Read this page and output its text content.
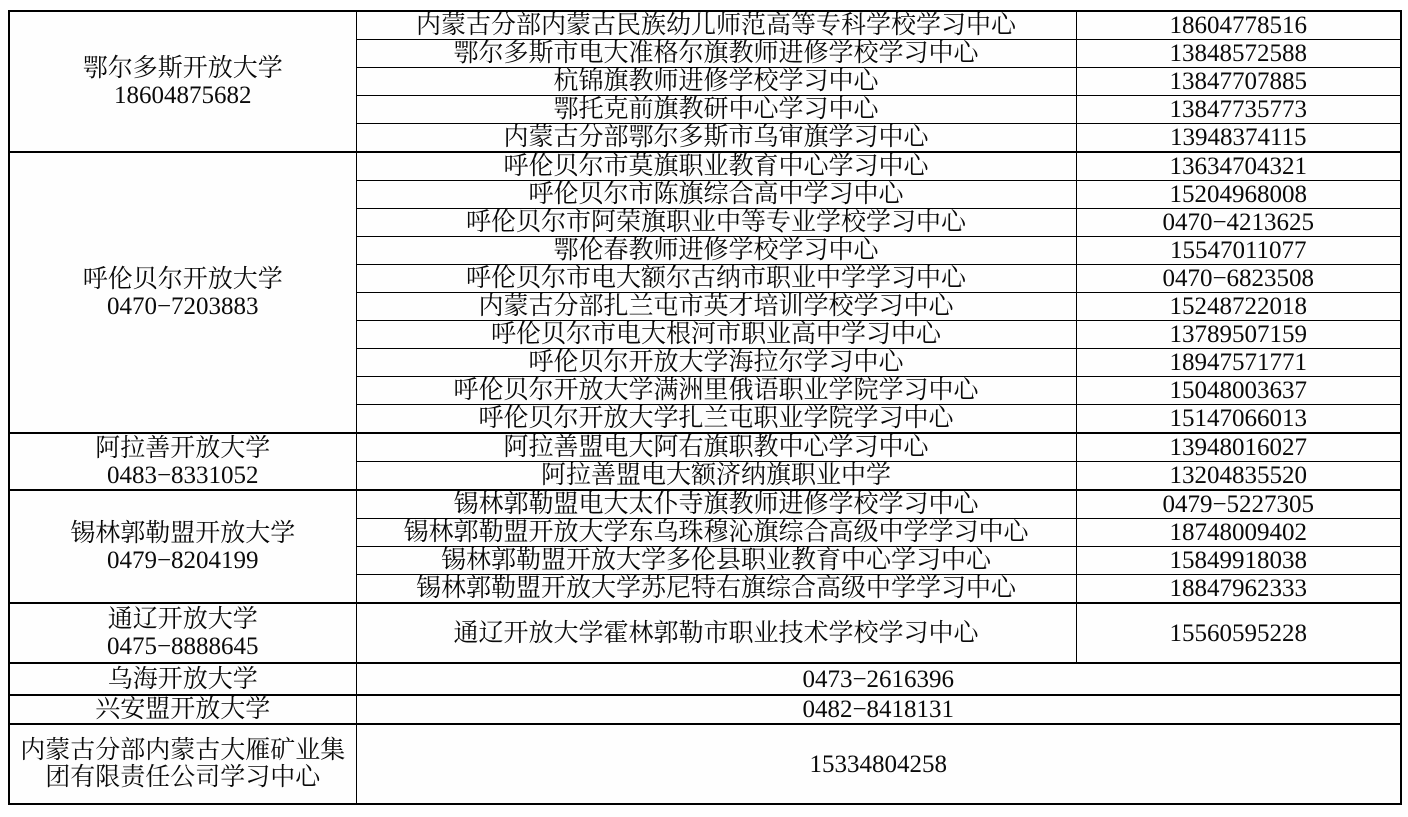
鄂尔多斯开放大学
18604875682	内蒙古分部内蒙古民族幼儿师范高等专科学校学习中心	18604778516
	鄂尔多斯市电大准格尔旗教师进修学校学习中心	13848572588
	杭锦旗教师进修学校学习中心	13847707885
	鄂托克前旗教研中心学习中心	13847735773
	内蒙古分部鄂尔多斯市乌审旗学习中心	13948374115

呼伦贝尔开放大学
0470−7203883	呼伦贝尔市莫旗职业教育中心学习中心	13634704321
	呼伦贝尔市陈旗综合高中学习中心	15204968008
	呼伦贝尔市阿荣旗职业中等专业学校学习中心	0470−4213625
	鄂伦春教师进修学校学习中心	15547011077
	呼伦贝尔市电大额尔古纳市职业中学学习中心	0470−6823508
	内蒙古分部扎兰屯市英才培训学校学习中心	15248722018
	呼伦贝尔市电大根河市职业高中学习中心	13789507159
	呼伦贝尔开放大学海拉尔学习中心	18947571771
	呼伦贝尔开放大学满洲里俄语职业学院学习中心	15048003637
	呼伦贝尔开放大学扎兰屯职业学院学习中心	15147066013

阿拉善开放大学
0483−8331052	阿拉善盟电大阿右旗职教中心学习中心	13948016027
	阿拉善盟电大额济纳旗职业中学	13204835520

锡林郭勒盟开放大学
0479−8204199	锡林郭勒盟电大太仆寺旗教师进修学校学习中心	0479−5227305
	锡林郭勒盟开放大学东乌珠穆沁旗综合高级中学学习中心	18748009402
	锡林郭勒盟开放大学多伦县职业教育中心学习中心	15849918038
	锡林郭勒盟开放大学苏尼特右旗综合高级中学学习中心	18847962333

通辽开放大学
0475−8888645	通辽开放大学霍林郭勒市职业技术学校学习中心	15560595228
乌海开放大学	0473−2616396	
兴安盟开放大学	0482−8418131	
内蒙古分部内蒙古大雁矿业集团有限责任公司学习中心	15334804258	
